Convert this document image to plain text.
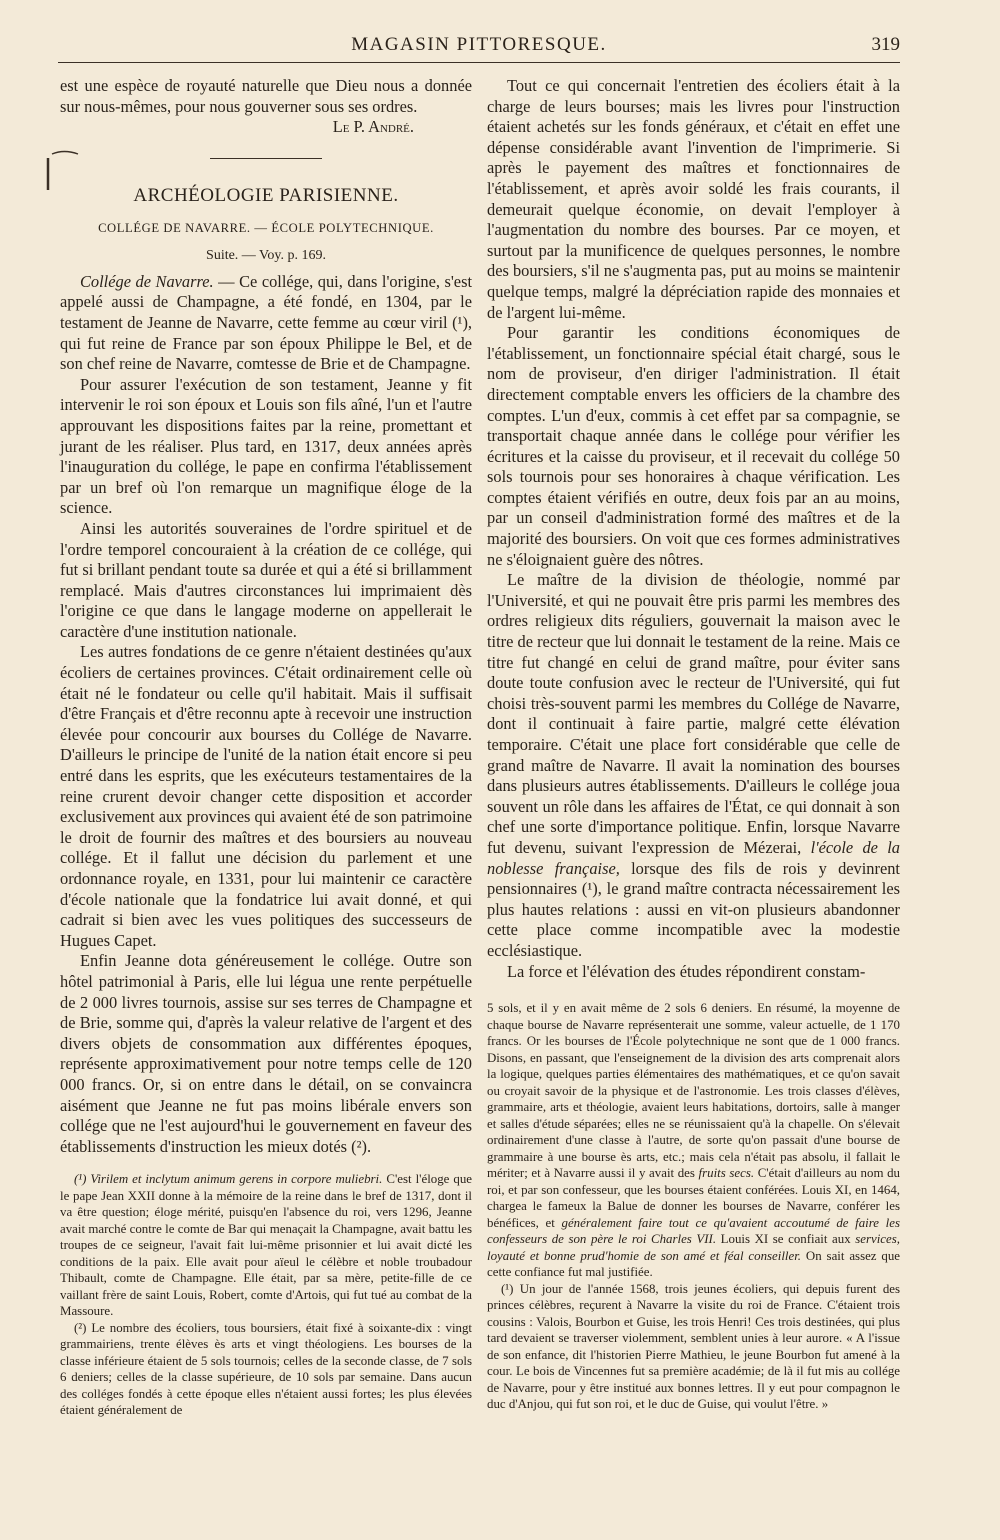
MAGASIN PITTORESQUE.	319

est une espèce de royauté naturelle que Dieu nous a donnée sur nous-mêmes, pour nous gouverner sous ses ordres.

Le P. André.
ARCHÉOLOGIE PARISIENNE.
COLLÉGE DE NAVARRE. — ÉCOLE POLYTECHNIQUE.
Suite. — Voy. p. 169.

Collége de Navarre. — Ce collége, qui, dans l'origine, s'est appelé aussi de Champagne, a été fondé, en 1304, par le testament de Jeanne de Navarre, cette femme au cœur viril (¹), qui fut reine de France par son époux Philippe le Bel, et de son chef reine de Navarre, comtesse de Brie et de Champagne.

Pour assurer l'exécution de son testament, Jeanne y fit intervenir le roi son époux et Louis son fils aîné, l'un et l'autre approuvant les dispositions faites par la reine, promettant et jurant de les réaliser. Plus tard, en 1317, deux années après l'inauguration du collége, le pape en confirma l'établissement par un bref où l'on remarque un magnifique éloge de la science.

Ainsi les autorités souveraines de l'ordre spirituel et de l'ordre temporel concouraient à la création de ce collége, qui fut si brillant pendant toute sa durée et qui a été si brillamment remplacé. Mais d'autres circonstances lui imprimaient dès l'origine ce que dans le langage moderne on appellerait le caractère d'une institution nationale.

Les autres fondations de ce genre n'étaient destinées qu'aux écoliers de certaines provinces. C'était ordinairement celle où était né le fondateur ou celle qu'il habitait. Mais il suffisait d'être Français et d'être reconnu apte à recevoir une instruction élevée pour concourir aux bourses du Collége de Navarre. D'ailleurs le principe de l'unité de la nation était encore si peu entré dans les esprits, que les exécuteurs testamentaires de la reine crurent devoir changer cette disposition et accorder exclusivement aux provinces qui avaient été de son patrimoine le droit de fournir des maîtres et des boursiers au nouveau collége. Et il fallut une décision du parlement et une ordonnance royale, en 1331, pour lui maintenir ce caractère d'école nationale que la fondatrice lui avait donné, et qui cadrait si bien avec les vues politiques des successeurs de Hugues Capet.

Enfin Jeanne dota généreusement le collége. Outre son hôtel patrimonial à Paris, elle lui légua une rente perpétuelle de 2 000 livres tournois, assise sur ses terres de Champagne et de Brie, somme qui, d'après la valeur relative de l'argent et des divers objets de consommation aux différentes époques, représente approximativement pour notre temps celle de 120 000 francs. Or, si on entre dans le détail, on se convaincra aisément que Jeanne ne fut pas moins libérale envers son collége que ne l'est aujourd'hui le gouvernement en faveur des établissements d'instruction les mieux dotés (²).

(¹) Virilem et inclytum animum gerens in corpore muliebri. C'est l'éloge que le pape Jean XXII donne à la mémoire de la reine dans le bref de 1317, dont il va être question; éloge mérité, puisqu'en l'absence du roi, vers 1296, Jeanne avait marché contre le comte de Bar qui menaçait la Champagne, avait battu les troupes de ce seigneur, l'avait fait lui-même prisonnier et lui avait dicté les conditions de la paix. Elle avait pour aïeul le célèbre et noble troubadour Thibault, comte de Champagne. Elle était, par sa mère, petite-fille de ce vaillant frère de saint Louis, Robert, comte d'Artois, qui fut tué au combat de la Massoure.

(²) Le nombre des écoliers, tous boursiers, était fixé à soixante-dix : vingt grammairiens, trente élèves ès arts et vingt théologiens. Les bourses de la classe inférieure étaient de 5 sols tournois; celles de la seconde classe, de 7 sols 6 deniers; celles de la classe supérieure, de 10 sols par semaine. Dans aucun des colléges fondés à cette époque elles n'étaient aussi fortes; les plus élevées étaient généralement de

Tout ce qui concernait l'entretien des écoliers était à la charge de leurs bourses; mais les livres pour l'instruction étaient achetés sur les fonds généraux, et c'était en effet une dépense considérable avant l'invention de l'imprimerie. Si après le payement des maîtres et fonctionnaires de l'établissement, et après avoir soldé les frais courants, il demeurait quelque économie, on devait l'employer à l'augmentation du nombre des bourses. Par ce moyen, et surtout par la munificence de quelques personnes, le nombre des boursiers, s'il ne s'augmenta pas, put au moins se maintenir quelque temps, malgré la dépréciation rapide des monnaies et de l'argent lui-même.

Pour garantir les conditions économiques de l'établissement, un fonctionnaire spécial était chargé, sous le nom de proviseur, d'en diriger l'administration. Il était directement comptable envers les officiers de la chambre des comptes. L'un d'eux, commis à cet effet par sa compagnie, se transportait chaque année dans le collége pour vérifier les écritures et la caisse du proviseur, et il recevait du collége 50 sols tournois pour ses honoraires à chaque vérification. Les comptes étaient vérifiés en outre, deux fois par an au moins, par un conseil d'administration formé des maîtres et de la majorité des boursiers. On voit que ces formes administratives ne s'éloignaient guère des nôtres.

Le maître de la division de théologie, nommé par l'Université, et qui ne pouvait être pris parmi les membres des ordres religieux dits réguliers, gouvernait la maison avec le titre de recteur que lui donnait le testament de la reine. Mais ce titre fut changé en celui de grand maître, pour éviter sans doute toute confusion avec le recteur de l'Université, qui fut choisi très-souvent parmi les membres du Collége de Navarre, dont il continuait à faire partie, malgré cette élévation temporaire. C'était une place fort considérable que celle de grand maître de Navarre. Il avait la nomination des bourses dans plusieurs autres établissements. D'ailleurs le collége joua souvent un rôle dans les affaires de l'État, ce qui donnait à son chef une sorte d'importance politique. Enfin, lorsque Navarre fut devenu, suivant l'expression de Mézerai, l'école de la noblesse française, lorsque des fils de rois y devinrent pensionnaires (¹), le grand maître contracta nécessairement les plus hautes relations : aussi en vit-on plusieurs abandonner cette place comme incompatible avec la modestie ecclésiastique.

La force et l'élévation des études répondirent constam-

5 sols, et il y en avait même de 2 sols 6 deniers. En résumé, la moyenne de chaque bourse de Navarre représenterait une somme, valeur actuelle, de 1 170 francs. Or les bourses de l'École polytechnique ne sont que de 1 000 francs. Disons, en passant, que l'enseignement de la division des arts comprenait alors la logique, quelques parties élémentaires des mathématiques, et ce qu'on savait ou croyait savoir de la physique et de l'astronomie. Les trois classes d'élèves, grammaire, arts et théologie, avaient leurs habitations, dortoirs, salle à manger et salles d'étude séparées; elles ne se réunissaient qu'à la chapelle. On s'élevait ordinairement d'une classe à l'autre, de sorte qu'on passait d'une bourse de grammaire à une bourse ès arts, etc.; mais cela n'était pas absolu, il fallait le mériter; et à Navarre aussi il y avait des fruits secs. C'était d'ailleurs au nom du roi, et par son confesseur, que les bourses étaient conférées. Louis XI, en 1464, chargea le fameux la Balue de donner les bourses de Navarre, conférer les bénéfices, et généralement faire tout ce qu'avaient accoutumé de faire les confesseurs de son père le roi Charles VII. Louis XI se confiait aux services, loyauté et bonne prud'homie de son amé et féal conseiller. On sait assez que cette confiance fut mal justifiée.

(¹) Un jour de l'année 1568, trois jeunes écoliers, qui depuis furent des princes célèbres, reçurent à Navarre la visite du roi de France. C'étaient trois cousins : Valois, Bourbon et Guise, les trois Henri! Ces trois destinées, qui plus tard devaient se traverser violemment, semblent unies à leur aurore. « A l'issue de son enfance, dit l'historien Pierre Mathieu, le jeune Bourbon fut amené à la cour. Le bois de Vincennes fut sa première académie; de là il fut mis au collége de Navarre, pour y être institué aux bonnes lettres. Il y eut pour compagnon le duc d'Anjou, qui fut son roi, et le duc de Guise, qui voulut l'être. »
